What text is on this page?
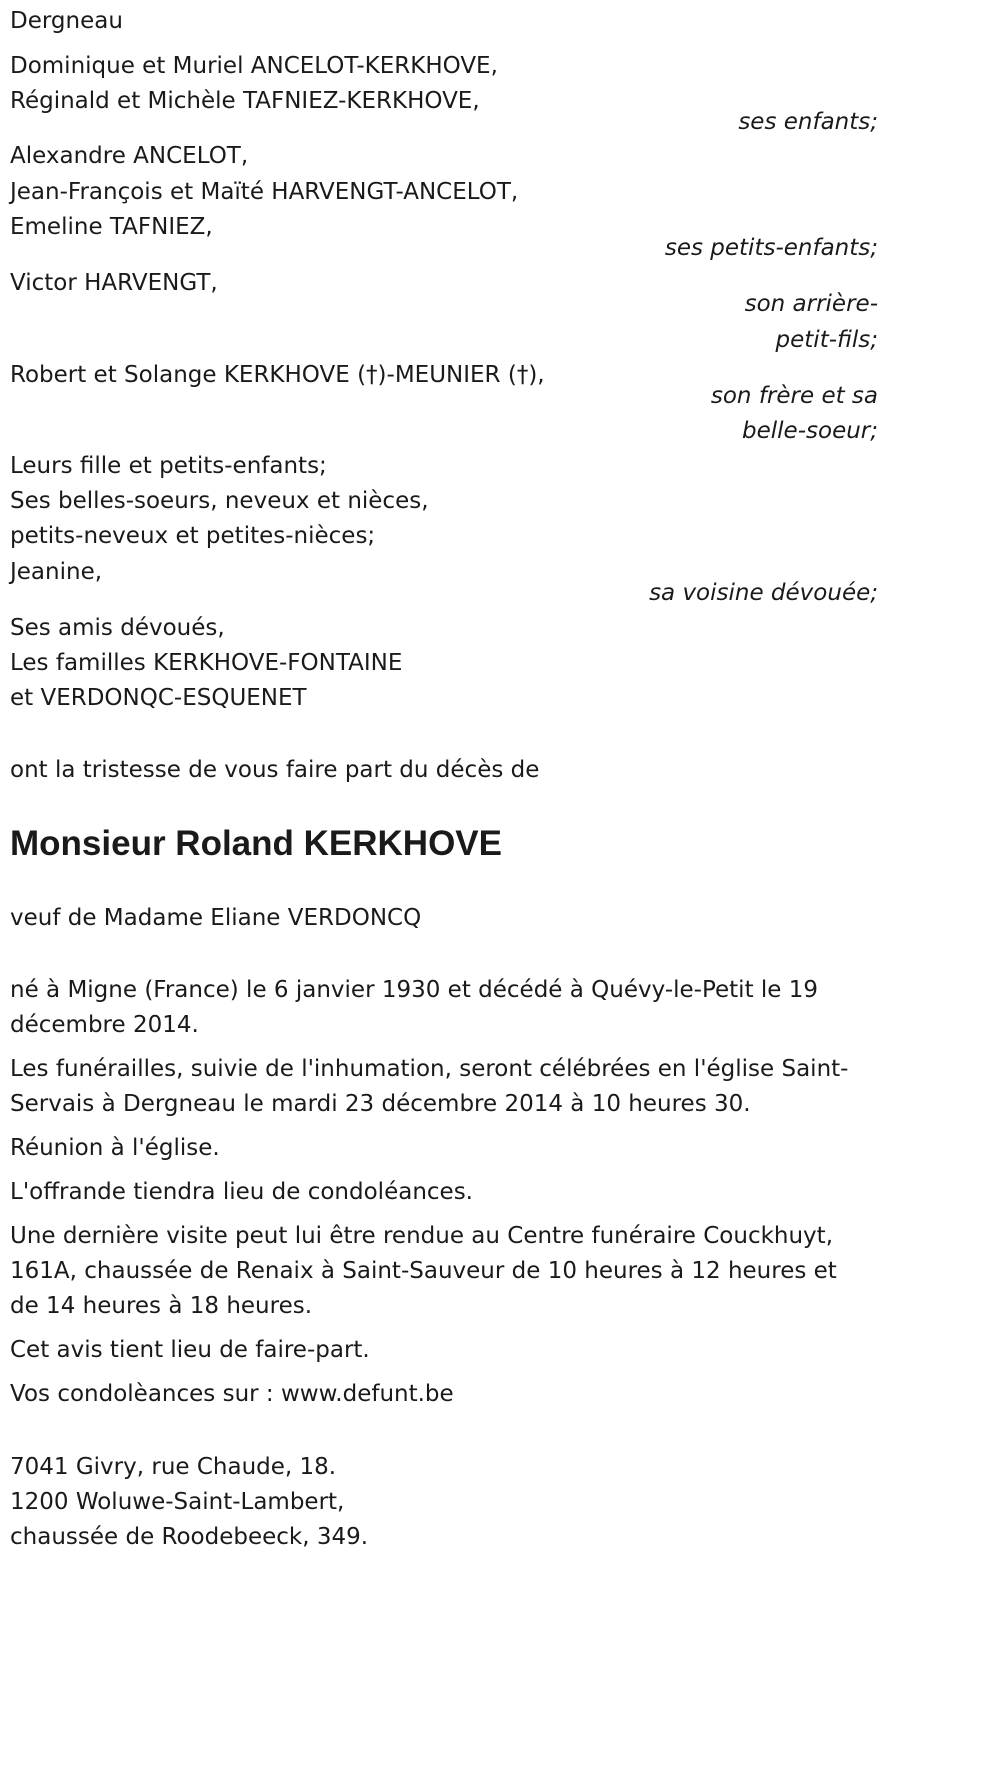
Dergneau
Dominique et Muriel ANCELOT-KERKHOVE,
Réginald et Michèle TAFNIEZ-KERKHOVE,
ses enfants;
Alexandre ANCELOT,
Jean-François et Maïté HARVENGT-ANCELOT,
Emeline TAFNIEZ,
ses petits-enfants;
Victor HARVENGT,
son arrière-
petit-fils;
Robert et Solange KERKHOVE (†)-MEUNIER (†),
son frère et sa
belle-soeur;
Leurs fille et petits-enfants;
Ses belles-soeurs, neveux et nièces,
petits-neveux et petites-nièces;
Jeanine,
sa voisine dévouée;
Ses amis dévoués,
Les familles KERKHOVE-FONTAINE
et VERDONQC-ESQUENET
ont la tristesse de vous faire part du décès de
Monsieur Roland KERKHOVE
veuf de Madame Eliane VERDONCQ
né à Migne (France) le 6 janvier 1930 et décédé à Quévy-le-Petit le 19 décembre 2014.
Les funérailles, suivie de l'inhumation, seront célébrées en l'église Saint-Servais à Dergneau le mardi 23 décembre 2014 à 10 heures 30.
Réunion à l'église.
L'offrande tiendra lieu de condoléances.
Une dernière visite peut lui être rendue au Centre funéraire Couckhuyt, 161A, chaussée de Renaix à Saint-Sauveur de 10 heures à 12 heures et de 14 heures à 18 heures.
Cet avis tient lieu de faire-part.
Vos condolèances sur : www.defunt.be
7041 Givry, rue Chaude, 18.
1200 Woluwe-Saint-Lambert,
chaussée de Roodebeeck, 349.
